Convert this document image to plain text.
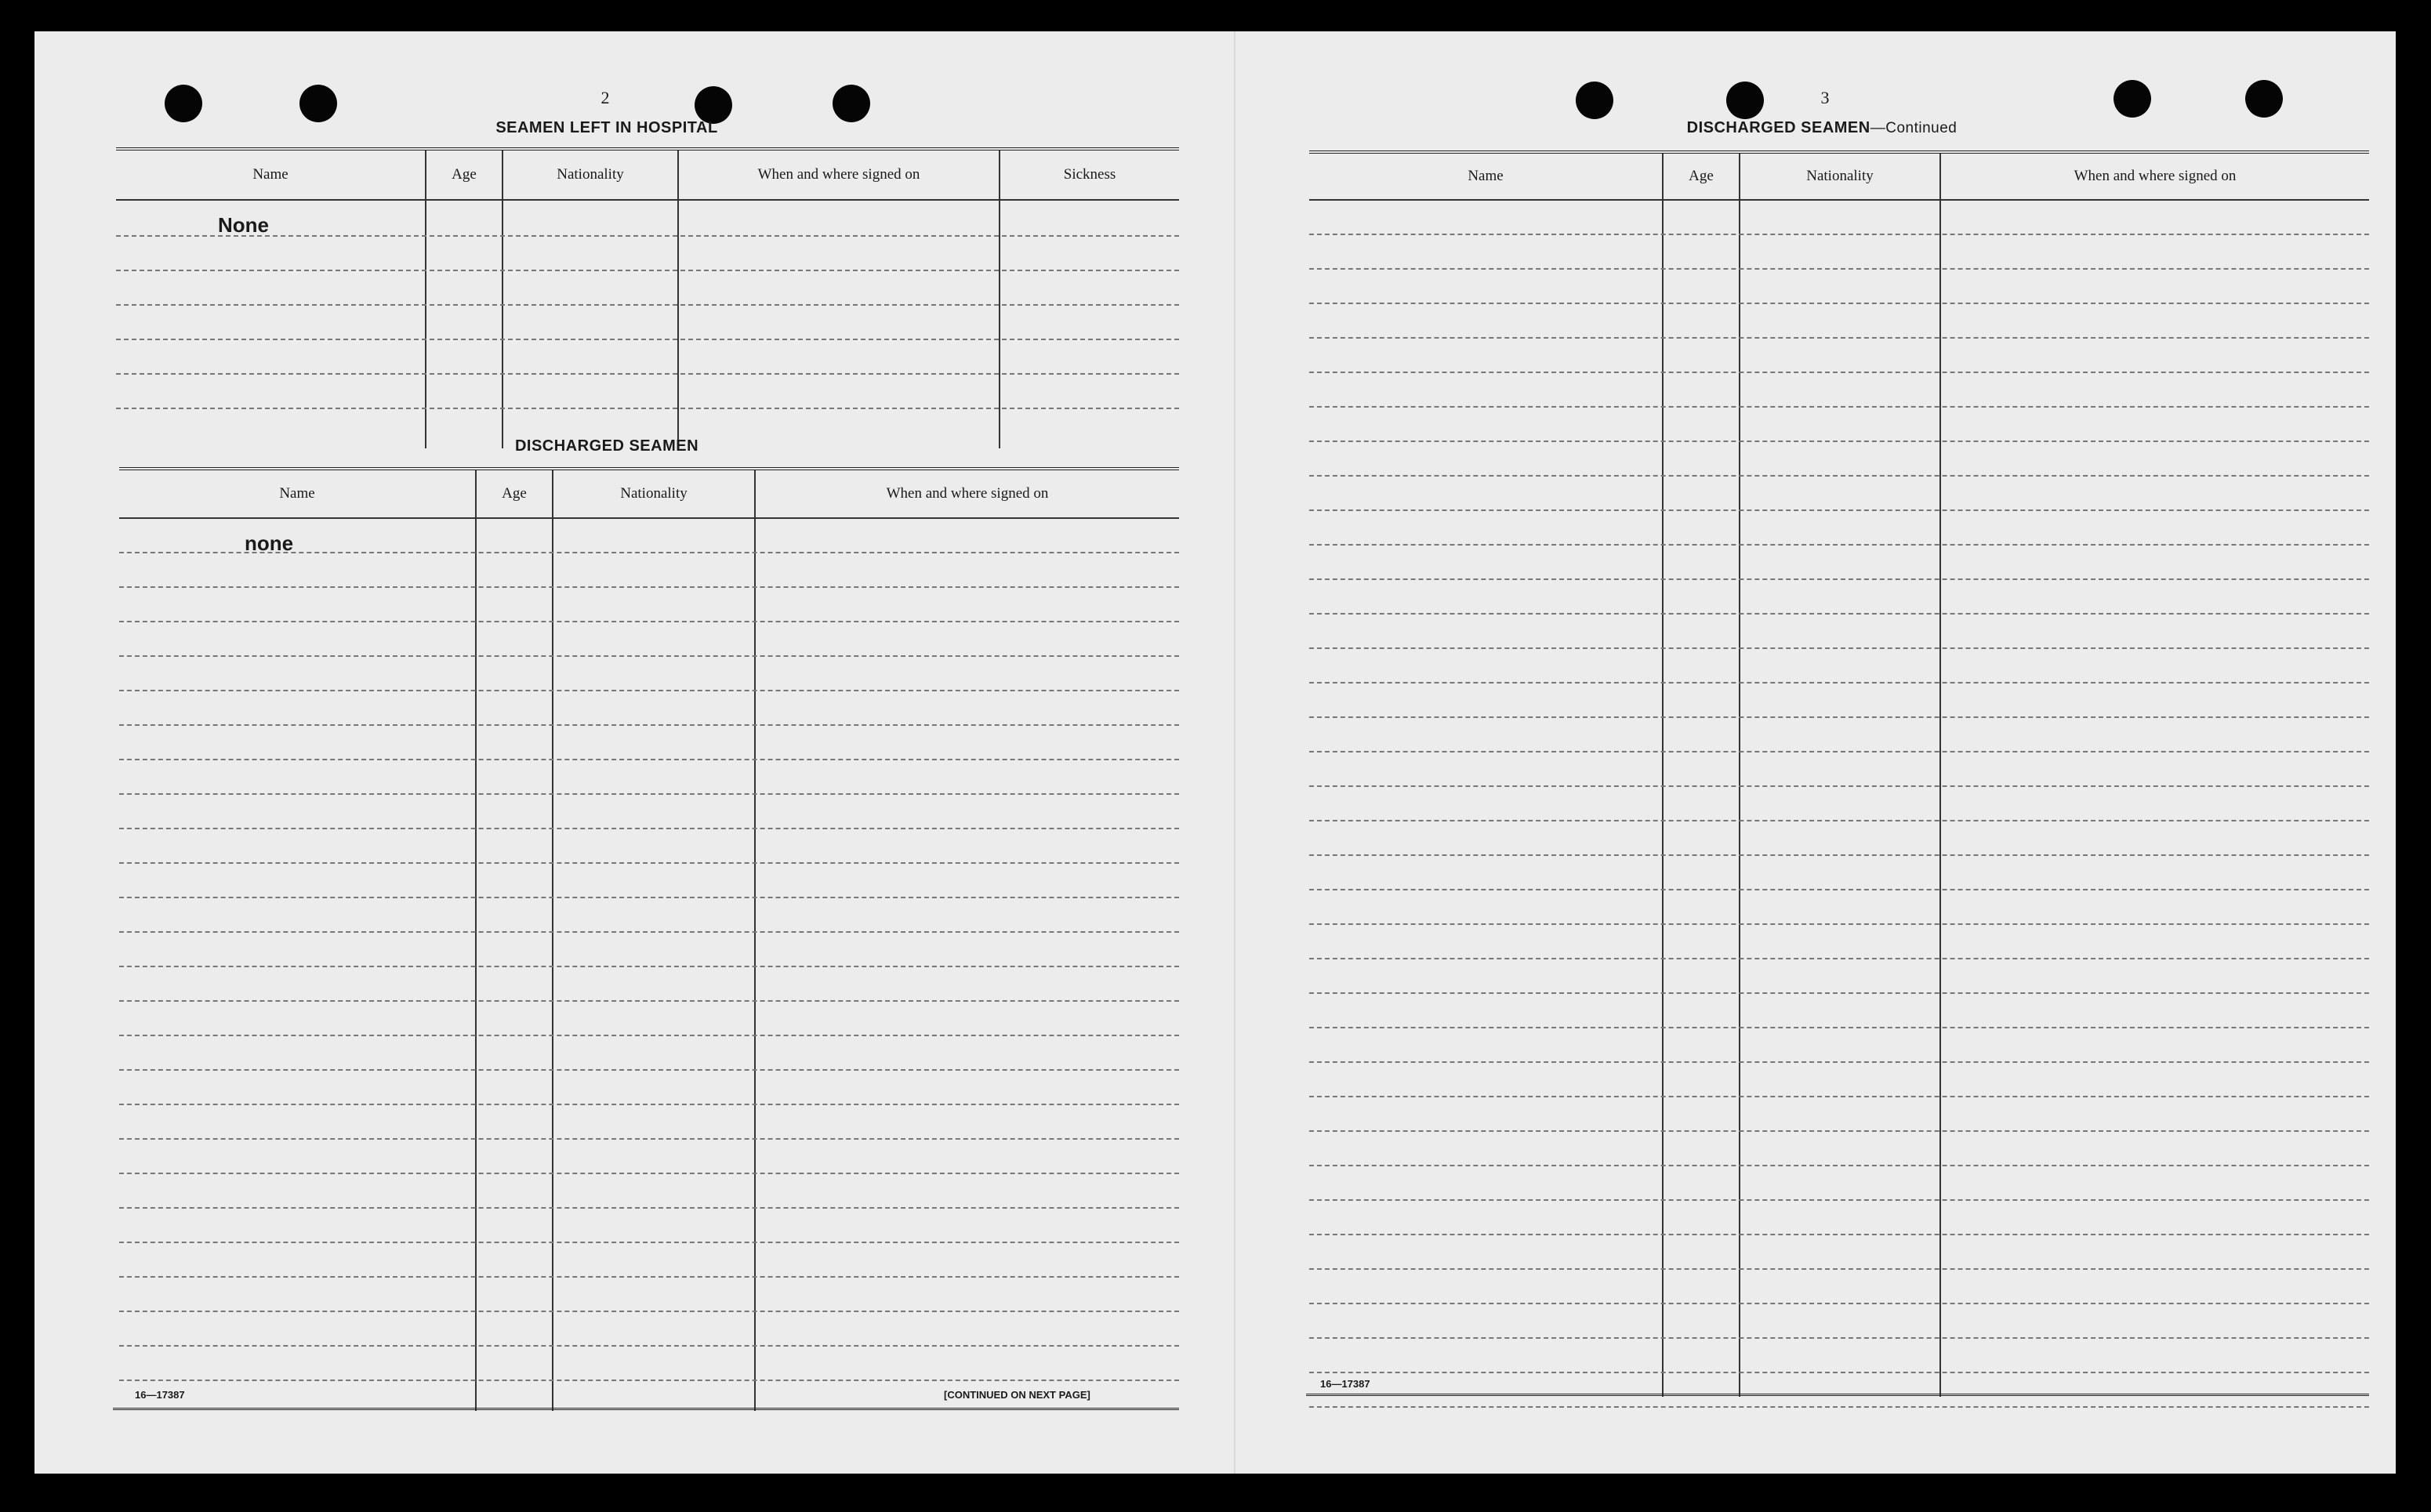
2
SEAMEN LEFT IN HOSPITAL
Name	Age	Nationality	When and where signed on	Sickness
None
DISCHARGED SEAMEN
Name	Age	Nationality	When and where signed on
none
16—17387	[CONTINUED ON NEXT PAGE]
3
DISCHARGED SEAMEN—Continued
Name	Age	Nationality	When and where signed on
16—17387
